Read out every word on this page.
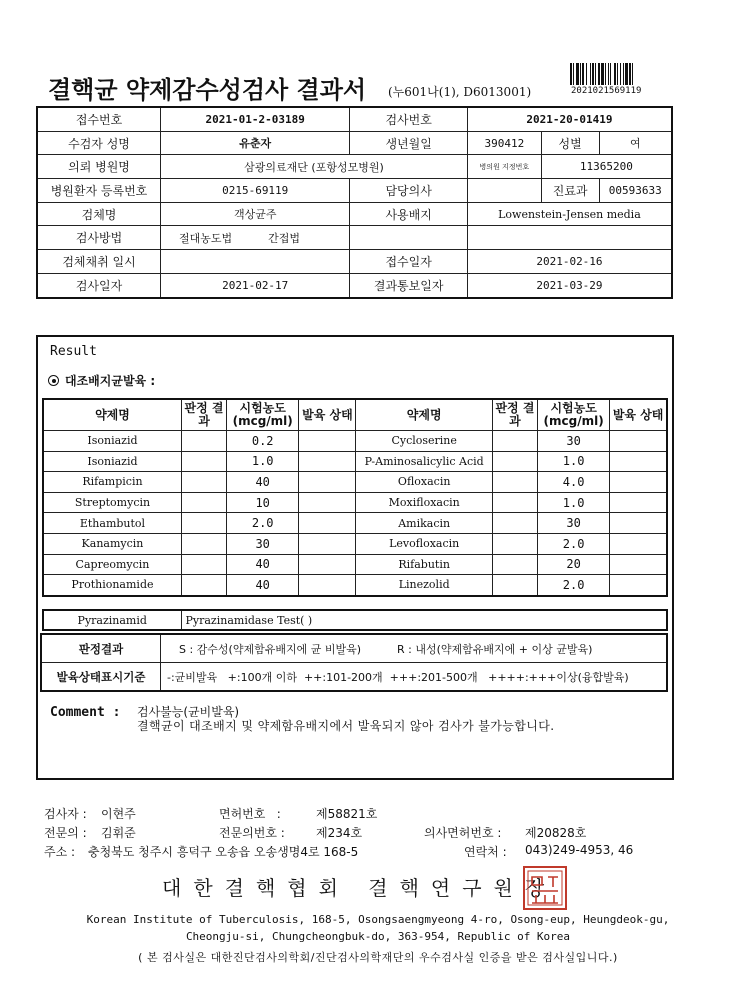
결핵균 약제감수성검사 결과서 (누601나(1), D6013001)	2021021569119
접수번호	2021-01-2-03189	검사번호	2021-20-01419		
수검자 성명	유춘자	생년월일	390412	성별	여
의뢰 병원명	삼광의료재단 (포항성모병원)		병의원 지정번호	11365200	
병원환자 등록번호	0215-69119	담당의사		진료과	00593633
검체명	객상균주	사용배지	Lowenstein-Jensen media		
검사방법	절대농도법 간접법				
검체채취 일시		접수일자	2021-02-16		
검사일자	2021-02-17	결과통보일자	2021-03-29		
Result
대조배지균발육 :
약제명	판정 결과	시험농도 (mcg/ml)	발육 상태	약제명	판정 결과	시험농도 (mcg/ml)	발육 상태
Isoniazid		0.2		Cycloserine		30	
Isoniazid		1.0		P-Aminosalicylic Acid		1.0	
Rifampicin		40		Ofloxacin		4.0	
Streptomycin		10		Moxifloxacin		1.0	
Ethambutol		2.0		Amikacin		30	
Kanamycin		30		Levofloxacin		2.0	
Capreomycin		40		Rifabutin		20	
Prothionamide		40		Linezolid		2.0	
Pyrazinamid	Pyrazinamidase Test( )
판정결과	S : 감수성(약제함유배지에 균 비발육) R : 내성(약제함유배지에 + 이상 균발육)
발육상태표시기준	-:균비발육   +:100개 이하  ++:101-200개  +++:201-500개   ++++:+++이상(융합발육)
Comment : 검사불능(균비발육)
결핵균이 대조배지 및 약제함유배지에서 발육되지 않아 검사가 불가능합니다.
검사자 : 이현주	면허번호   :	제58821호
전문의 : 김휘준	전문의번호 :	제234호	의사면허번호 : 제20828호
주소 : 충청북도 청주시 흥덕구 오송읍 오송생명4로 168-5	연락처 : 043)249-4953, 46
대한결핵협회 결핵연구원장
Korean Institute of Tuberculosis, 168-5, Osongsaengmyeong 4-ro, Osong-eup, Heungdeok-gu,
Cheongju-si, Chungcheongbuk-do, 363-954, Republic of Korea
( 본 검사실은 대한진단검사의학회/진단검사의학재단의 우수검사실 인증을 받은 검사실입니다.)
